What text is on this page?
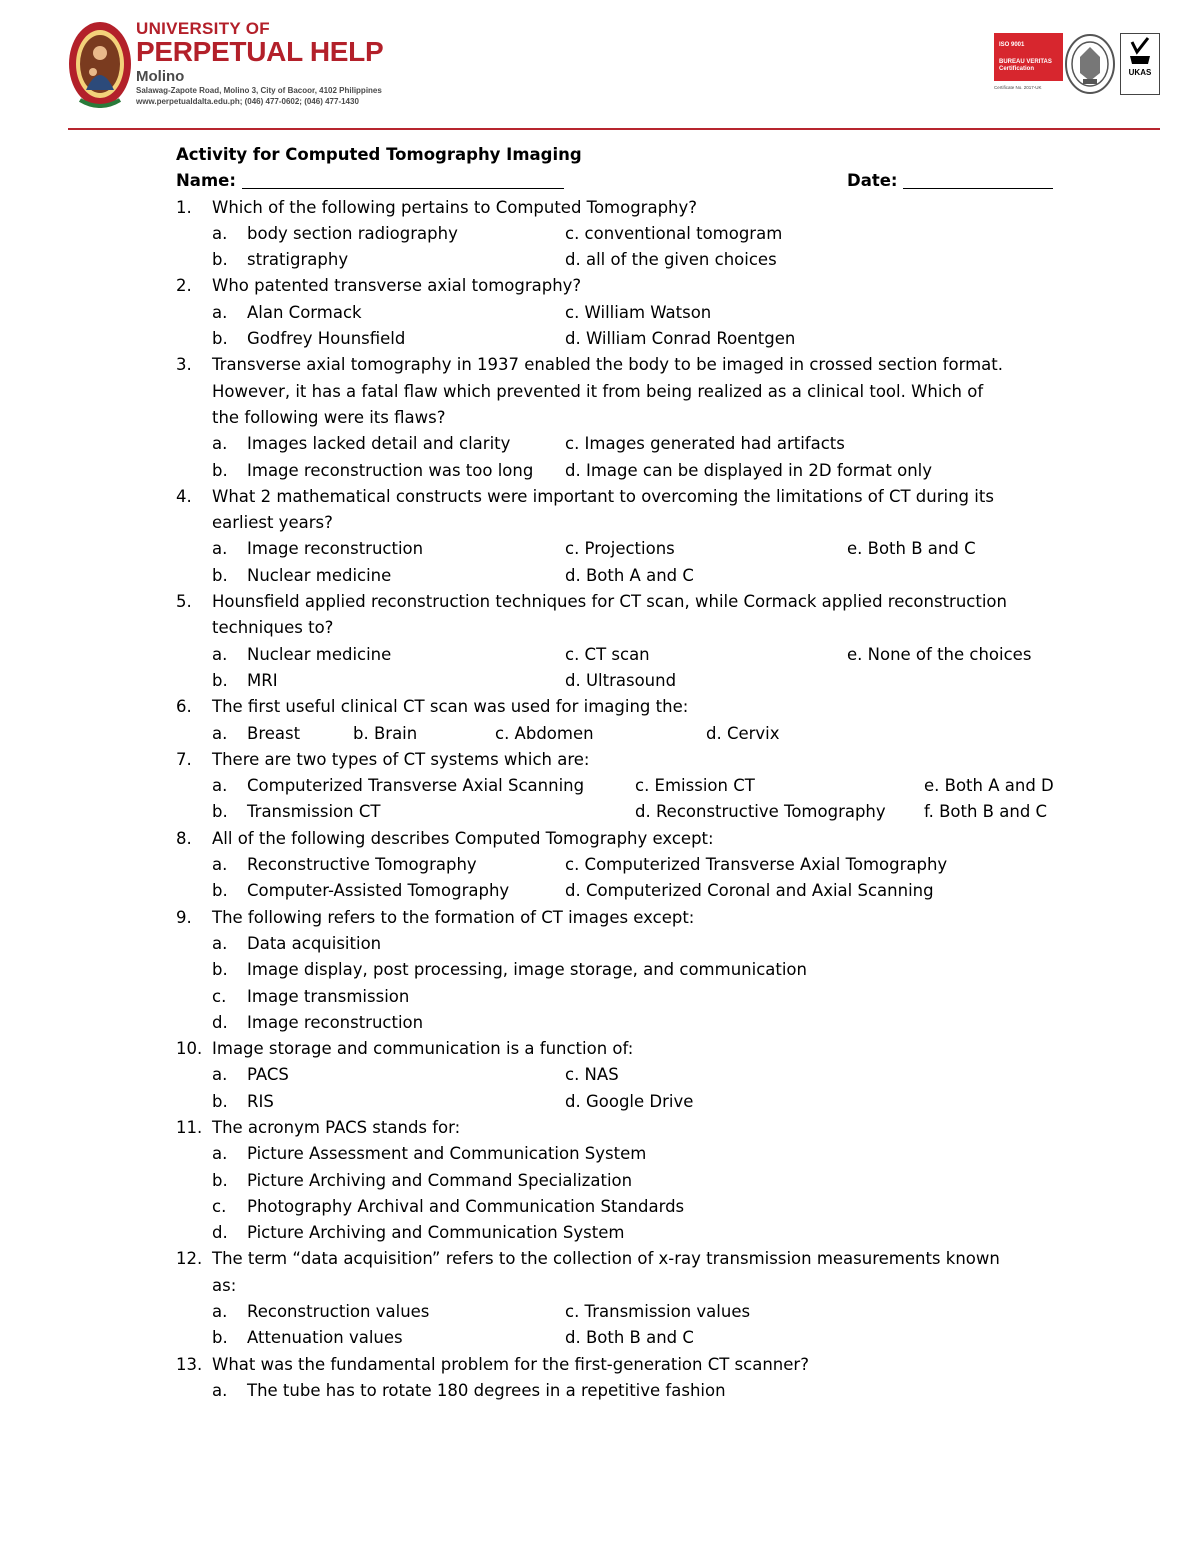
UNIVERSITY OF
PERPETUAL HELP
Molino
Salawag-Zapote Road, Molino 3, City of Bacoor, 4102 Philippines
www.perpetualdalta.edu.ph; (046) 477-0602; (046) 477-1430
ISO 9001
BUREAU VERITAS
Certification
Certificate No. 2017-UK
UKAS
Activity for Computed Tomography Imaging
Name:	Date:
1. Which of the following pertains to Computed Tomography?
a. body section radiography	c. conventional tomogram
b. stratigraphy	d. all of the given choices
2. Who patented transverse axial tomography?
a. Alan Cormack	c. William Watson
b. Godfrey Hounsfield	d. William Conrad Roentgen
3. Transverse axial tomography in 1937 enabled the body to be imaged in crossed section format.
However, it has a fatal flaw which prevented it from being realized as a clinical tool. Which of
the following were its flaws?
a. Images lacked detail and clarity	c. Images generated had artifacts
b. Image reconstruction was too long d. Image can be displayed in 2D format only
4. What 2 mathematical constructs were important to overcoming the limitations of CT during its
earliest years?
a. Image reconstruction	c. Projections	e. Both B and C
b. Nuclear medicine	d. Both A and C
5. Hounsfield applied reconstruction techniques for CT scan, while Cormack applied reconstruction
techniques to?
a. Nuclear medicine	c. CT scan	e. None of the choices
b. MRI	d. Ultrasound
6. The first useful clinical CT scan was used for imaging the:
a. Breast	b. Brain	c. Abdomen	d. Cervix
7. There are two types of CT systems which are:
a. Computerized Transverse Axial Scanning	c. Emission CT	e. Both A and D
b. Transmission CT	d. Reconstructive Tomography f. Both B and C
8. All of the following describes Computed Tomography except:
a. Reconstructive Tomography	c. Computerized Transverse Axial Tomography
b. Computer-Assisted Tomography	d. Computerized Coronal and Axial Scanning
9. The following refers to the formation of CT images except:
a. Data acquisition
b. Image display, post processing, image storage, and communication
c. Image transmission
d. Image reconstruction
10. Image storage and communication is a function of:
a. PACS	c. NAS
b. RIS	d. Google Drive
11. The acronym PACS stands for:
a. Picture Assessment and Communication System
b. Picture Archiving and Command Specialization
c. Photography Archival and Communication Standards
d. Picture Archiving and Communication System
12. The term “data acquisition” refers to the collection of x-ray transmission measurements known
as:
a. Reconstruction values	c. Transmission values
b. Attenuation values	d. Both B and C
13. What was the fundamental problem for the first-generation CT scanner?
a. The tube has to rotate 180 degrees in a repetitive fashion
